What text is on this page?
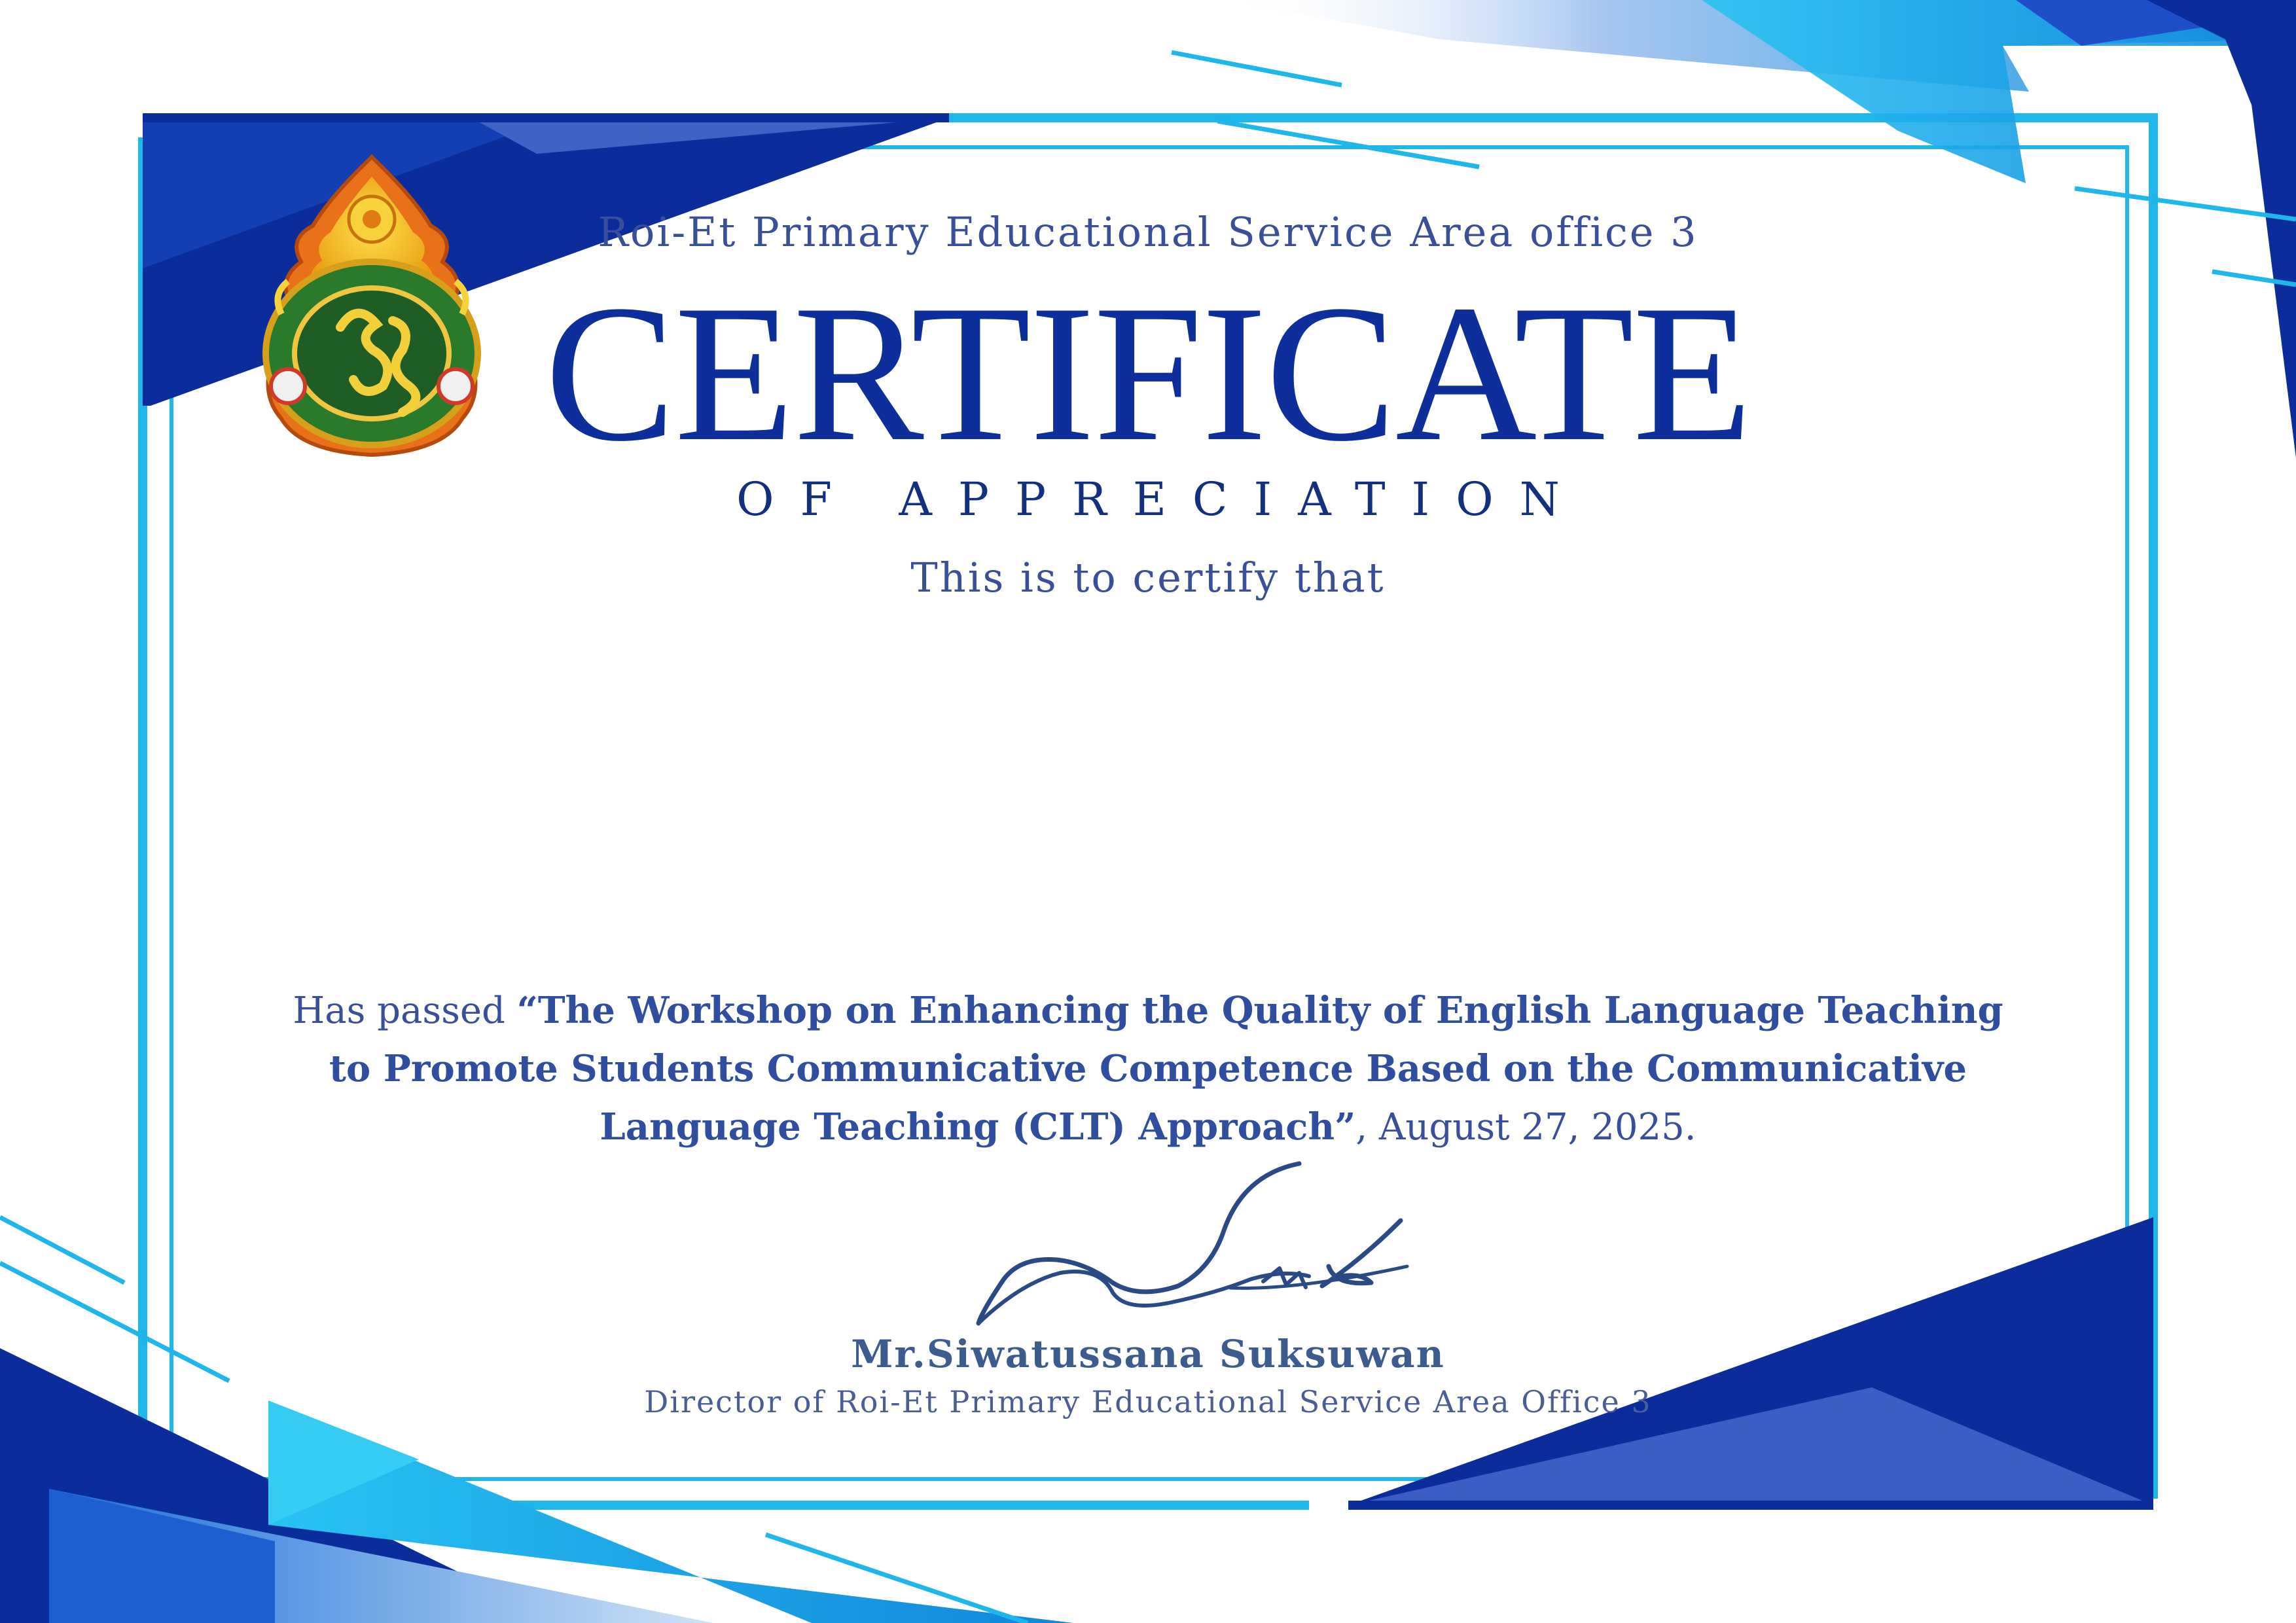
Roi-Et Primary Educational Service Area office 3

CERTIFICATE

OF APPRECIATION

This is to certify that

Has passed “The Workshop on Enhancing the Quality of English Language Teaching to Promote Students Communicative Competence Based on the Communicative Language Teaching (CLT) Approach”, August 27, 2025.

Mr.Siwatussana Suksuwan

Director of Roi-Et Primary Educational Service Area Office 3
